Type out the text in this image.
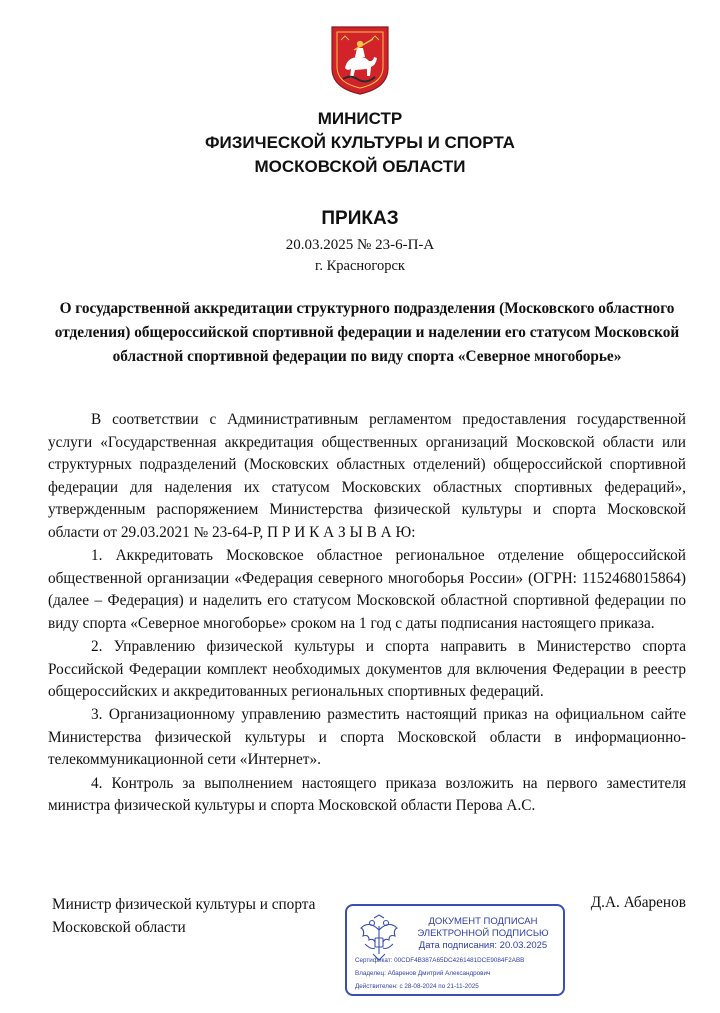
МИНИСТР
ФИЗИЧЕСКОЙ КУЛЬТУРЫ И СПОРТА
МОСКОВСКОЙ ОБЛАСТИ
ПРИКАЗ
20.03.2025 № 23-6-П-А
г. Красногорск
О государственной аккредитации структурного подразделения (Московского областного отделения) общероссийской спортивной федерации и наделении его статусом Московской областной спортивной федерации по виду спорта «Северное многоборье»

В соответствии с Административным регламентом предоставления государственной услуги «Государственная аккредитация общественных организаций Московской области или структурных подразделений (Московских областных отделений) общероссийской спортивной федерации для наделения их статусом Московских областных спортивных федераций», утвержденным распоряжением Министерства физической культуры и спорта Московской области от 29.03.2021 № 23-64-Р, П Р И К А З Ы В А Ю:

1. Аккредитовать Московское областное региональное отделение общероссийской общественной организации «Федерация северного многоборья России» (ОГРН: 1152468015864) (далее – Федерация) и наделить его статусом Московской областной спортивной федерации по виду спорта «Северное многоборье» сроком на 1 год с даты подписания настоящего приказа.

2. Управлению физической культуры и спорта направить в Министерство спорта Российской Федерации комплект необходимых документов для включения Федерации в реестр общероссийских и аккредитованных региональных спортивных федераций.

3. Организационному управлению разместить настоящий приказ на официальном сайте Министерства физической культуры и спорта Московской области в информационно-телекоммуникационной сети «Интернет».

4. Контроль за выполнением настоящего приказа возложить на первого заместителя министра физической культуры и спорта Московской области Перова А.С.

Министр физической культуры и спорта
Московской области
Д.А. Абаренов
ДОКУМЕНТ ПОДПИСАН
ЭЛЕКТРОННОЙ ПОДПИСЬЮ
Дата подписания: 20.03.2025
Сертификат: 00CDF4B387A65DC4261481DCE9084F2ABB
Владелец: Абаренов Дмитрий Александрович
Действителен: с 28-08-2024 по 21-11-2025
